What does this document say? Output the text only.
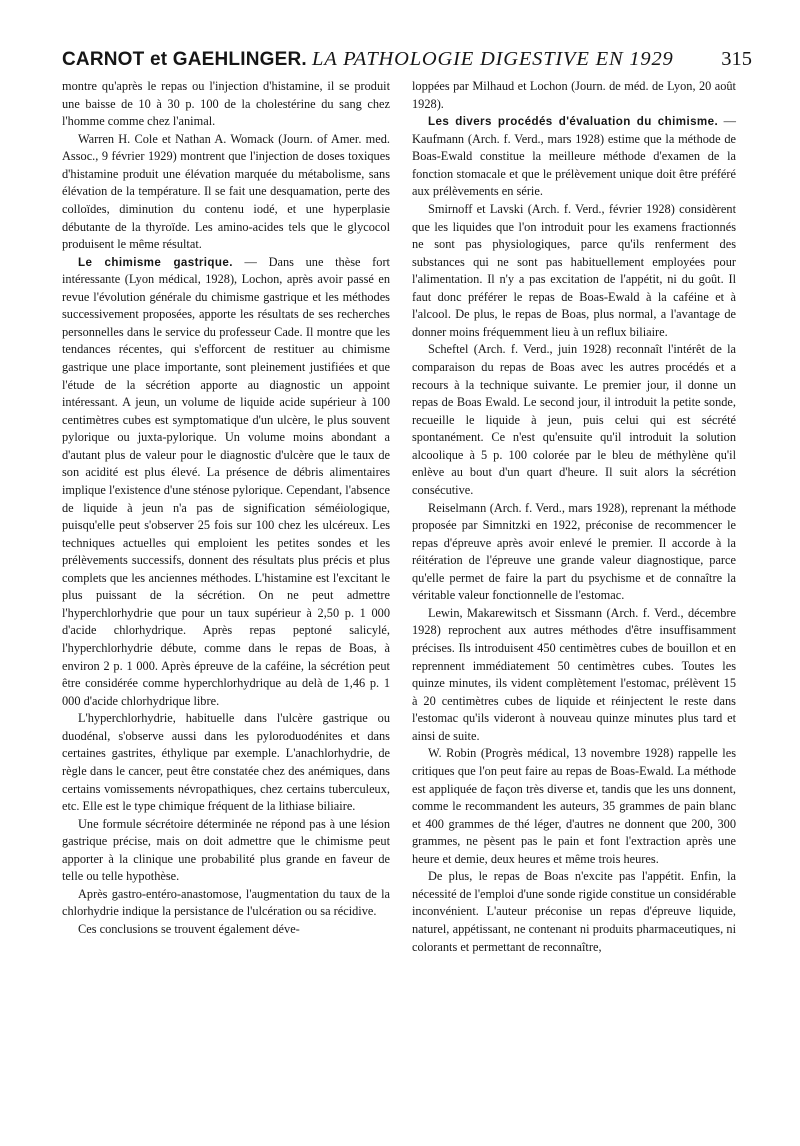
CARNOT et GAEHLINGER. LA PATHOLOGIE DIGESTIVE EN 1929 315

montre qu'après le repas ou l'injection d'histamine, il se produit une baisse de 10 à 30 p. 100 de la cholestérine du sang chez l'homme comme chez l'animal.

Warren H. Cole et Nathan A. Womack (Journ. of Amer. med. Assoc., 9 février 1929) montrent que l'injection de doses toxiques d'histamine produit une élévation marquée du métabolisme, sans élévation de la température. Il se fait une desquamation, perte des colloïdes, diminution du contenu iodé, et une hyperplasie débutante de la thyroïde. Les amino-acides tels que le glycocol produisent le même résultat.

Le chimisme gastrique. — Dans une thèse fort intéressante (Lyon médical, 1928), Lochon, après avoir passé en revue l'évolution générale du chimisme gastrique et les méthodes successivement proposées, apporte les résultats de ses recherches personnelles dans le service du professeur Cade. Il montre que les tendances récentes, qui s'efforcent de restituer au chimisme gastrique une place importante, sont pleinement justifiées et que l'étude de la sécrétion apporte au diagnostic un appoint intéressant. A jeun, un volume de liquide acide supérieur à 100 centimètres cubes est symptomatique d'un ulcère, le plus souvent pylorique ou juxta-pylorique. Un volume moins abondant a d'autant plus de valeur pour le diagnostic d'ulcère que le taux de son acidité est plus élevé. La présence de débris alimentaires implique l'existence d'une sténose pylorique. Cependant, l'absence de liquide à jeun n'a pas de signification séméiologique, puisqu'elle peut s'observer 25 fois sur 100 chez les ulcéreux. Les techniques actuelles qui emploient les petites sondes et les prélèvements successifs, donnent des résultats plus précis et plus complets que les anciennes méthodes. L'histamine est l'excitant le plus puissant de la sécrétion. On ne peut admettre l'hyperchlorhydrie que pour un taux supérieur à 2,50 p. 1 000 d'acide chlorhydrique. Après repas peptoné salicylé, l'hyperchlorhydrie débute, comme dans le repas de Boas, à environ 2 p. 1 000. Après épreuve de la caféine, la sécrétion peut être considérée comme hyperchlorhydrique au delà de 1,46 p. 1 000 d'acide chlorhydrique libre.

L'hyperchlorhydrie, habituelle dans l'ulcère gastrique ou duodénal, s'observe aussi dans les pyloroduodénites et dans certaines gastrites, éthylique par exemple. L'anachlorhydrie, de règle dans le cancer, peut être constatée chez des anémiques, dans certains vomissements névropathiques, chez certains tuberculeux, etc. Elle est le type chimique fréquent de la lithiase biliaire.

Une formule sécrétoire déterminée ne répond pas à une lésion gastrique précise, mais on doit admettre que le chimisme peut apporter à la clinique une probabilité plus grande en faveur de telle ou telle hypothèse.

Après gastro-entéro-anastomose, l'augmentation du taux de la chlorhydrie indique la persistance de l'ulcération ou sa récidive.

Ces conclusions se trouvent également déve-

loppées par Milhaud et Lochon (Journ. de méd. de Lyon, 20 août 1928).

Les divers procédés d'évaluation du chimisme. — Kaufmann (Arch. f. Verd., mars 1928) estime que la méthode de Boas-Ewald constitue la meilleure méthode d'examen de la fonction stomacale et que le prélèvement unique doit être préféré aux prélèvements en série.

Smirnoff et Lavski (Arch. f. Verd., février 1928) considèrent que les liquides que l'on introduit pour les examens fractionnés ne sont pas physiologiques, parce qu'ils renferment des substances qui ne sont pas habituellement employées pour l'alimentation. Il n'y a pas excitation de l'appétit, ni du goût. Il faut donc préférer le repas de Boas-Ewald à la caféine et à l'alcool. De plus, le repas de Boas, plus normal, a l'avantage de donner moins fréquemment lieu à un reflux biliaire.

Scheftel (Arch. f. Verd., juin 1928) reconnaît l'intérêt de la comparaison du repas de Boas avec les autres procédés et a recours à la technique suivante. Le premier jour, il donne un repas de Boas Ewald. Le second jour, il introduit la petite sonde, recueille le liquide à jeun, puis celui qui est sécrété spontanément. Ce n'est qu'ensuite qu'il introduit la solution alcoolique à 5 p. 100 colorée par le bleu de méthylène qu'il enlève au bout d'un quart d'heure. Il suit alors la sécrétion consécutive.

Reiselmann (Arch. f. Verd., mars 1928), reprenant la méthode proposée par Simnitzki en 1922, préconise de recommencer le repas d'épreuve après avoir enlevé le premier. Il accorde à la réitération de l'épreuve une grande valeur diagnostique, parce qu'elle permet de faire la part du psychisme et de connaître la véritable valeur fonctionnelle de l'estomac.

Lewin, Makarewitsch et Sissmann (Arch. f. Verd., décembre 1928) reprochent aux autres méthodes d'être insuffisamment précises. Ils introduisent 450 centimètres cubes de bouillon et en reprennent immédiatement 50 centimètres cubes. Toutes les quinze minutes, ils vident complètement l'estomac, prélèvent 15 à 20 centimètres cubes de liquide et réinjectent le reste dans l'estomac qu'ils videront à nouveau quinze minutes plus tard et ainsi de suite.

W. Robin (Progrès médical, 13 novembre 1928) rappelle les critiques que l'on peut faire au repas de Boas-Ewald. La méthode est appliquée de façon très diverse et, tandis que les uns donnent, comme le recommandent les auteurs, 35 grammes de pain blanc et 400 grammes de thé léger, d'autres ne donnent que 200, 300 grammes, ne pèsent pas le pain et font l'extraction après une heure et demie, deux heures et même trois heures.

De plus, le repas de Boas n'excite pas l'appétit. Enfin, la nécessité de l'emploi d'une sonde rigide constitue un considérable inconvénient. L'auteur préconise un repas d'épreuve liquide, naturel, appétissant, ne contenant ni produits pharmaceutiques, ni colorants et permettant de reconnaître,
